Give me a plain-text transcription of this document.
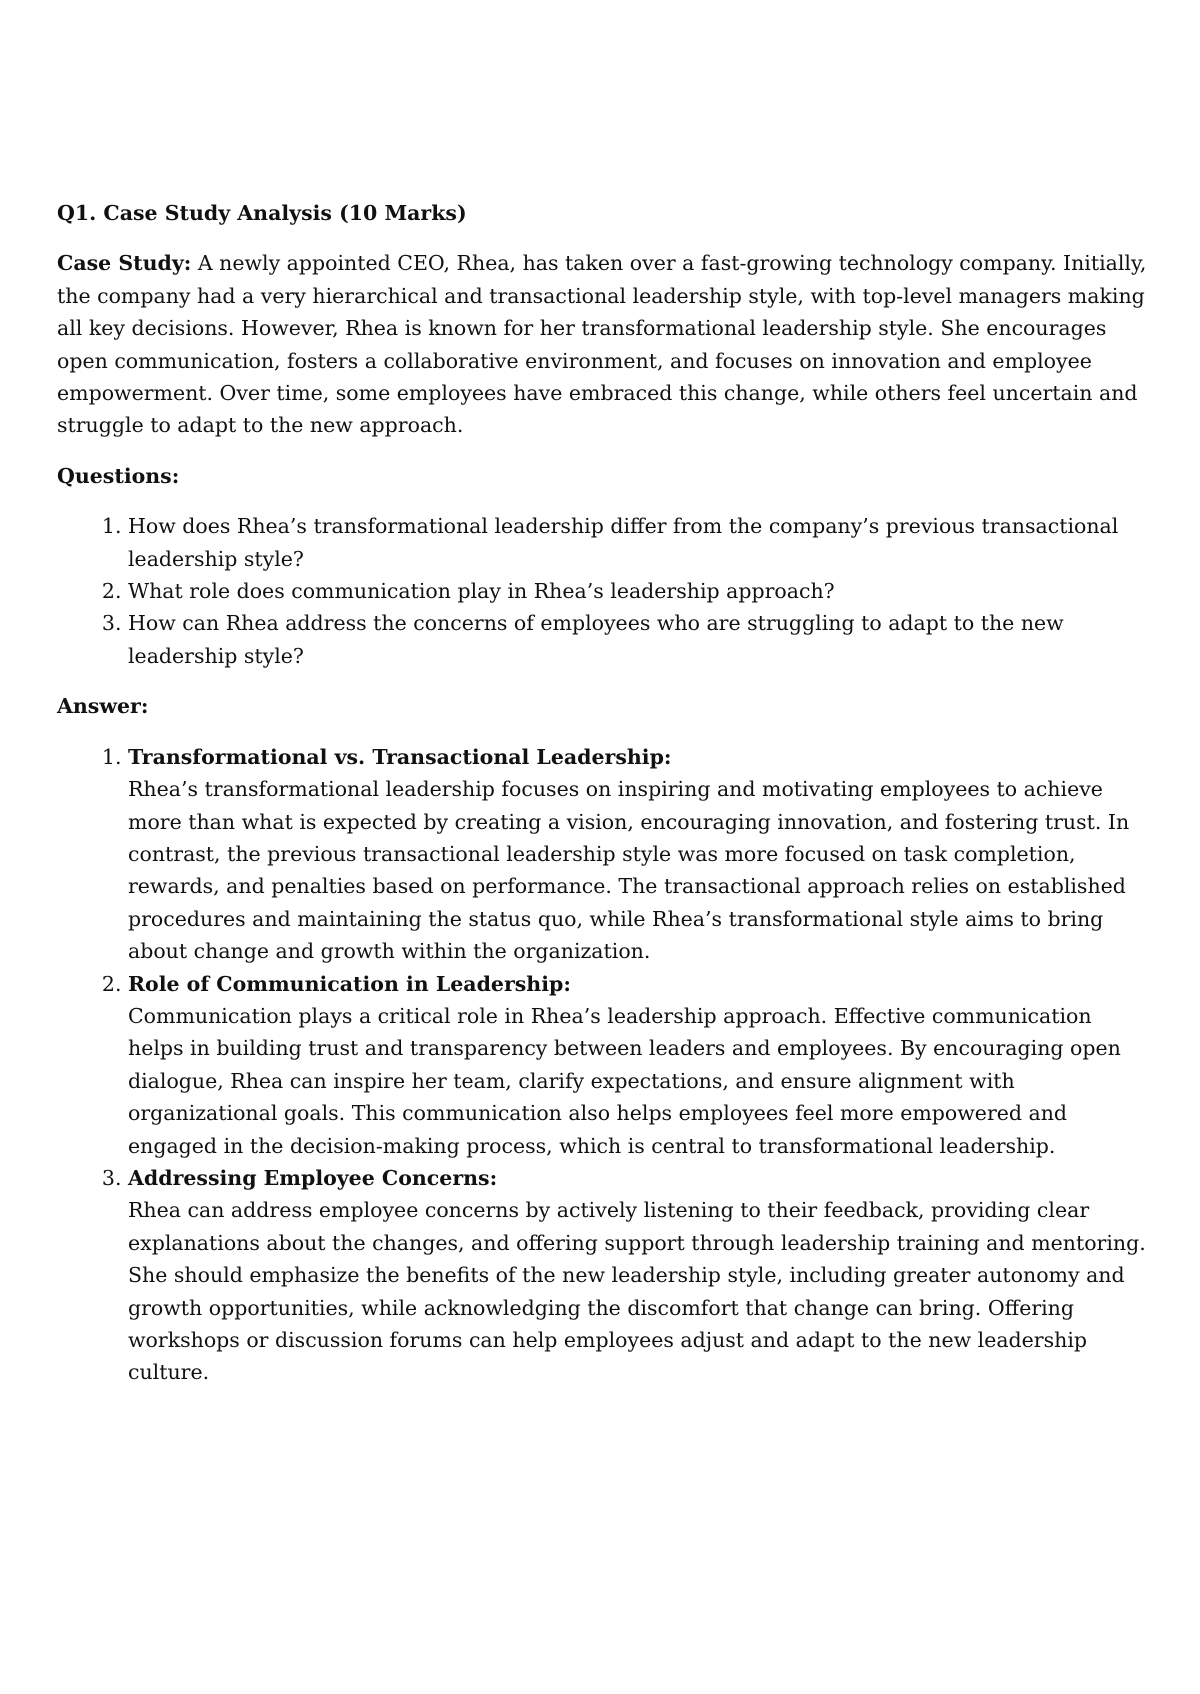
Q1. Case Study Analysis (10 Marks)

Case Study: A newly appointed CEO, Rhea, has taken over a fast-growing technology company. Initially, the company had a very hierarchical and transactional leadership style, with top-level managers making all key decisions. However, Rhea is known for her transformational leadership style. She encourages open communication, fosters a collaborative environment, and focuses on innovation and employee empowerment. Over time, some employees have embraced this change, while others feel uncertain and struggle to adapt to the new approach.

Questions:

1. How does Rhea’s transformational leadership differ from the company’s previous transactional leadership style?
2. What role does communication play in Rhea’s leadership approach?
3. How can Rhea address the concerns of employees who are struggling to adapt to the new leadership style?

Answer:

1. Transformational vs. Transactional Leadership:
Rhea’s transformational leadership focuses on inspiring and motivating employees to achieve more than what is expected by creating a vision, encouraging innovation, and fostering trust. In contrast, the previous transactional leadership style was more focused on task completion, rewards, and penalties based on performance. The transactional approach relies on established procedures and maintaining the status quo, while Rhea’s transformational style aims to bring about change and growth within the organization.
2. Role of Communication in Leadership:
Communication plays a critical role in Rhea’s leadership approach. Effective communication helps in building trust and transparency between leaders and employees. By encouraging open dialogue, Rhea can inspire her team, clarify expectations, and ensure alignment with organizational goals. This communication also helps employees feel more empowered and engaged in the decision-making process, which is central to transformational leadership.
3. Addressing Employee Concerns:
Rhea can address employee concerns by actively listening to their feedback, providing clear explanations about the changes, and offering support through leadership training and mentoring. She should emphasize the benefits of the new leadership style, including greater autonomy and growth opportunities, while acknowledging the discomfort that change can bring. Offering workshops or discussion forums can help employees adjust and adapt to the new leadership culture.
